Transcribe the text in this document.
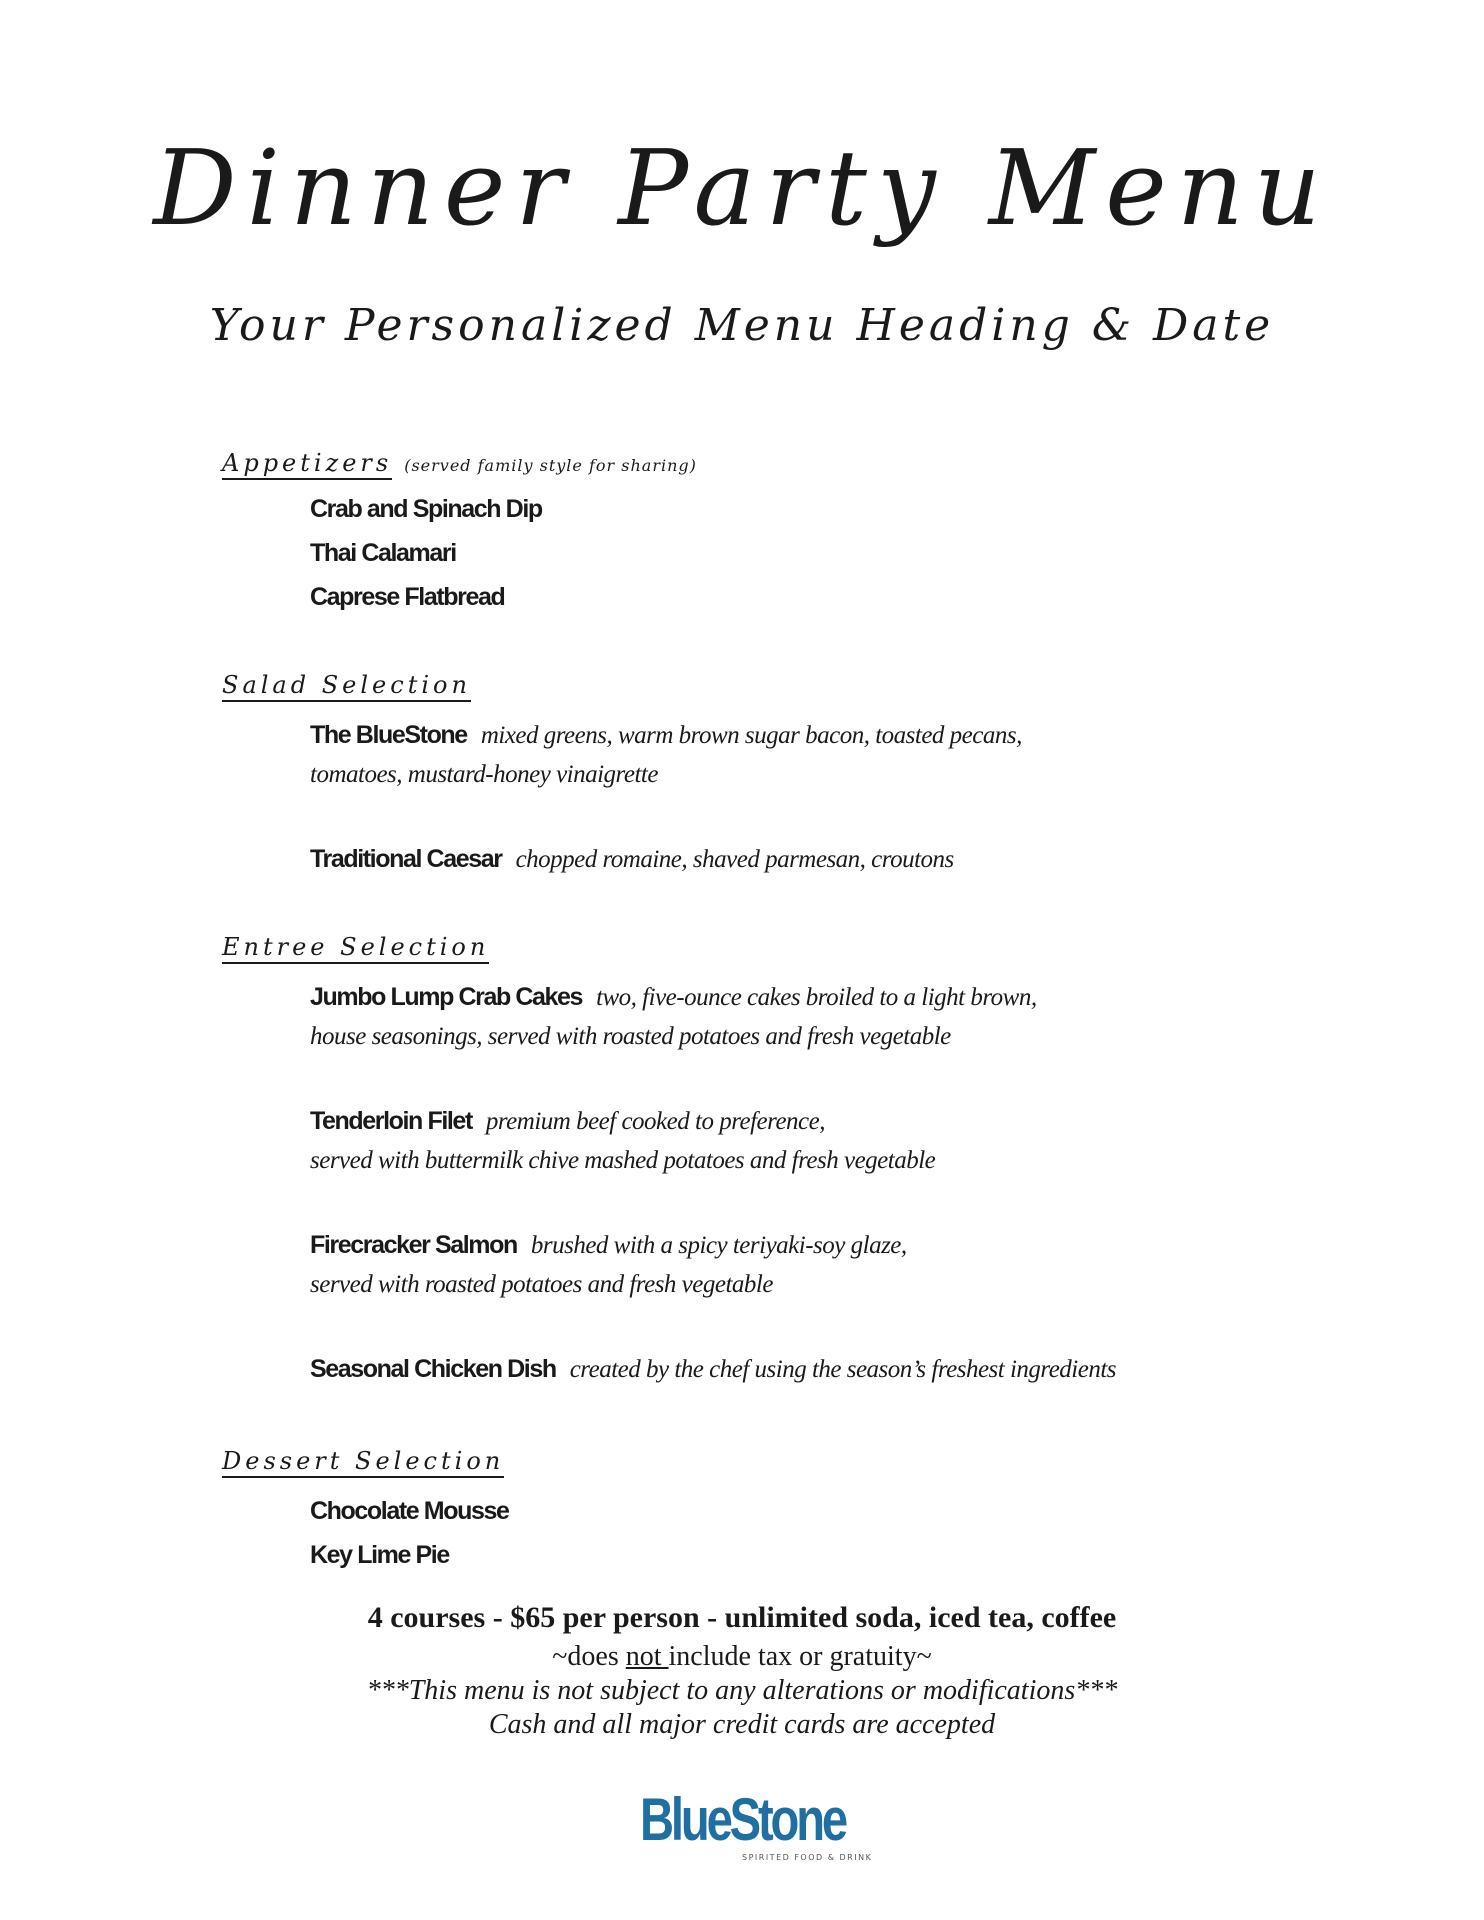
Dinner Party Menu
Your Personalized Menu Heading & Date
Appetizers (served family style for sharing)
Crab and Spinach Dip
Thai Calamari
Caprese Flatbread
Salad Selection
The BlueStone mixed greens, warm brown sugar bacon, toasted pecans,
tomatoes, mustard-honey vinaigrette
Traditional Caesar chopped romaine, shaved parmesan, croutons
Entree Selection
Jumbo Lump Crab Cakes two, five-ounce cakes broiled to a light brown,
house seasonings, served with roasted potatoes and fresh vegetable
Tenderloin Filet premium beef cooked to preference,
served with buttermilk chive mashed potatoes and fresh vegetable
Firecracker Salmon brushed with a spicy teriyaki-soy glaze,
served with roasted potatoes and fresh vegetable
Seasonal Chicken Dish created by the chef using the season’s freshest ingredients
Dessert Selection
Chocolate Mousse
Key Lime Pie
4 courses - $65 per person - unlimited soda, iced tea, coffee
~does not include tax or gratuity~
***This menu is not subject to any alterations or modifications***
Cash and all major credit cards are accepted
BlueStone
SPIRITED FOOD & DRINK
